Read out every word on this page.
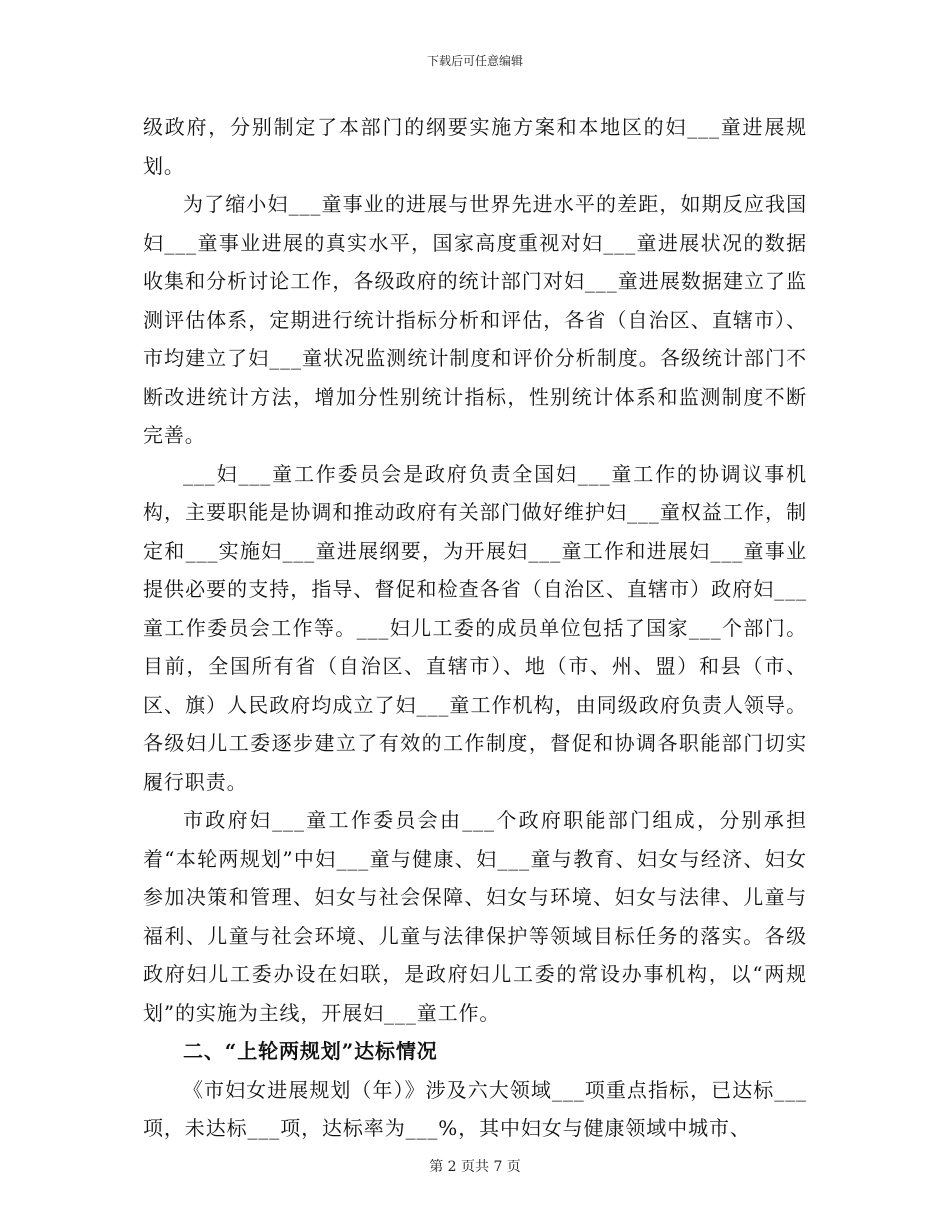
下载后可任意编辑

级政府，分别制定了本部门的纲要实施方案和本地区的妇___童进展规划。

为了缩小妇___童事业的进展与世界先进水平的差距，如期反应我国妇___童事业进展的真实水平，国家高度重视对妇___童进展状况的数据收集和分析讨论工作，各级政府的统计部门对妇___童进展数据建立了监测评估体系，定期进行统计指标分析和评估，各省（自治区、直辖市）、市均建立了妇___童状况监测统计制度和评价分析制度。各级统计部门不断改进统计方法，增加分性别统计指标，性别统计体系和监测制度不断完善。

___妇___童工作委员会是政府负责全国妇___童工作的协调议事机构，主要职能是协调和推动政府有关部门做好维护妇___童权益工作，制定和___实施妇___童进展纲要，为开展妇___童工作和进展妇___童事业提供必要的支持，指导、督促和检查各省（自治区、直辖市）政府妇___童工作委员会工作等。___妇儿工委的成员单位包括了国家___个部门。目前，全国所有省（自治区、直辖市）、地（市、州、盟）和县（市、区、旗）人民政府均成立了妇___童工作机构，由同级政府负责人领导。各级妇儿工委逐步建立了有效的工作制度，督促和协调各职能部门切实履行职责。

市政府妇___童工作委员会由___个政府职能部门组成，分别承担着“本轮两规划”中妇___童与健康、妇___童与教育、妇女与经济、妇女参加决策和管理、妇女与社会保障、妇女与环境、妇女与法律、儿童与福利、儿童与社会环境、儿童与法律保护等领域目标任务的落实。各级政府妇儿工委办设在妇联，是政府妇儿工委的常设办事机构，以“两规划”的实施为主线，开展妇___童工作。

二、“上轮两规划”达标情况

《市妇女进展规划（年）》涉及六大领域___项重点指标，已达标___项，未达标___项，达标率为___%，其中妇女与健康领域中城市、

第 2 页共 7 页
